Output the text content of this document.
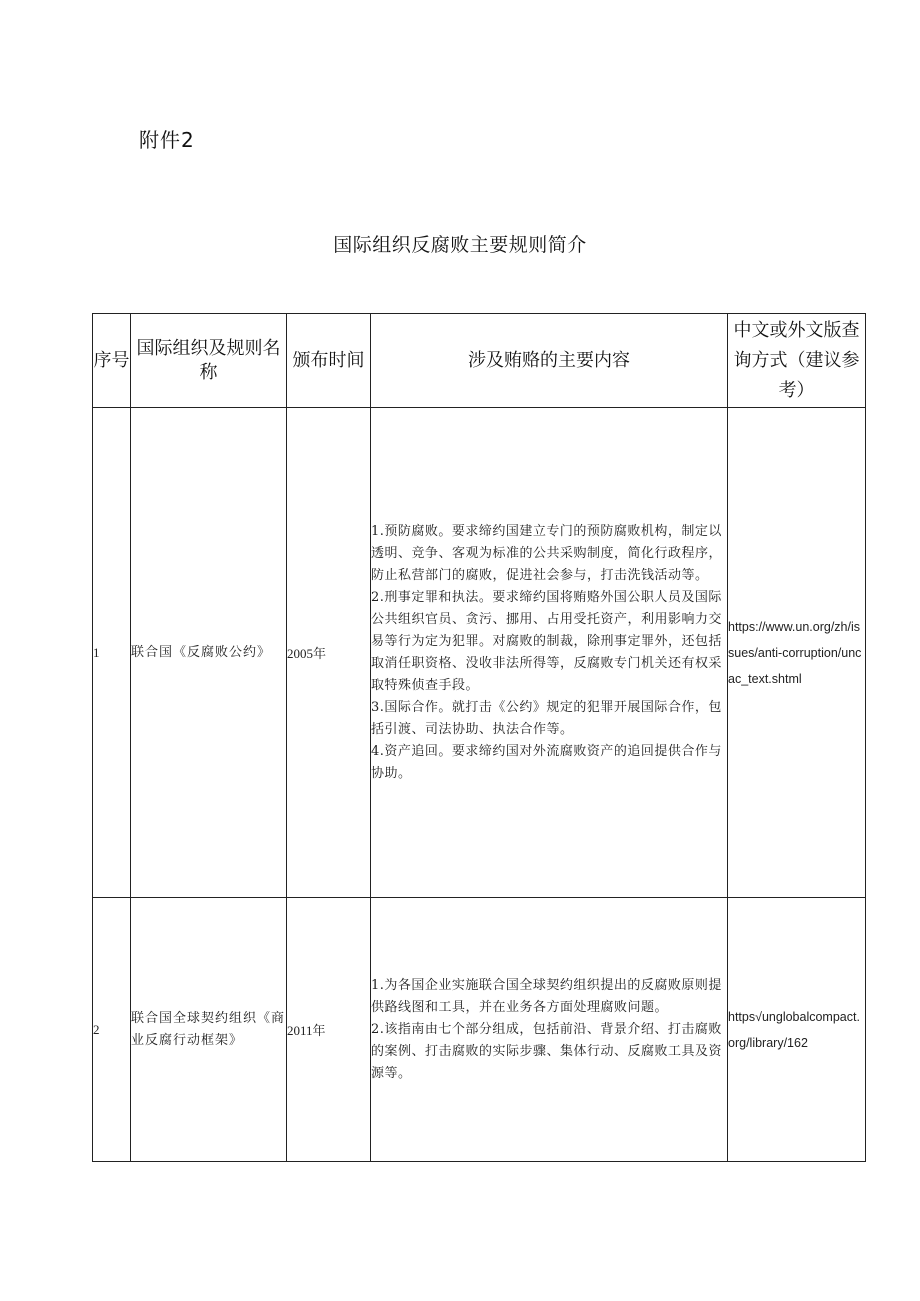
附件2
国际组织反腐败主要规则简介
序号	国际组织及规则名称	颁布时间	涉及贿赂的主要内容	中文或外文版查询方式（建议参考）
1	联合国《反腐败公约》	2005年	1.预防腐败。要求缔约国建立专门的预防腐败机构，制定以透明、竞争、客观为标准的公共采购制度，简化行政程序，防止私营部门的腐败，促进社会参与，打击洗钱活动等。
2.刑事定罪和执法。要求缔约国将贿赂外国公职人员及国际公共组织官员、贪污、挪用、占用受托资产，利用影响力交易等行为定为犯罪。对腐败的制裁，除刑事定罪外，还包括取消任职资格、没收非法所得等，反腐败专门机关还有权采取特殊侦查手段。
3.国际合作。就打击《公约》规定的犯罪开展国际合作，包括引渡、司法协助、执法合作等。
4.资产追回。要求缔约国对外流腐败资产的追回提供合作与协助。	https://www.un.org/zh/issues/anti-corruption/uncac_text.shtml
2	联合国全球契约组织《商业反腐行动框架》	2011年	1.为各国企业实施联合国全球契约组织提出的反腐败原则提供路线图和工具，并在业务各方面处理腐败问题。
2.该指南由七个部分组成，包括前沿、背景介绍、打击腐败的案例、打击腐败的实际步骤、集体行动、反腐败工具及资源等。	https√unglobalcompact.org/library/162
